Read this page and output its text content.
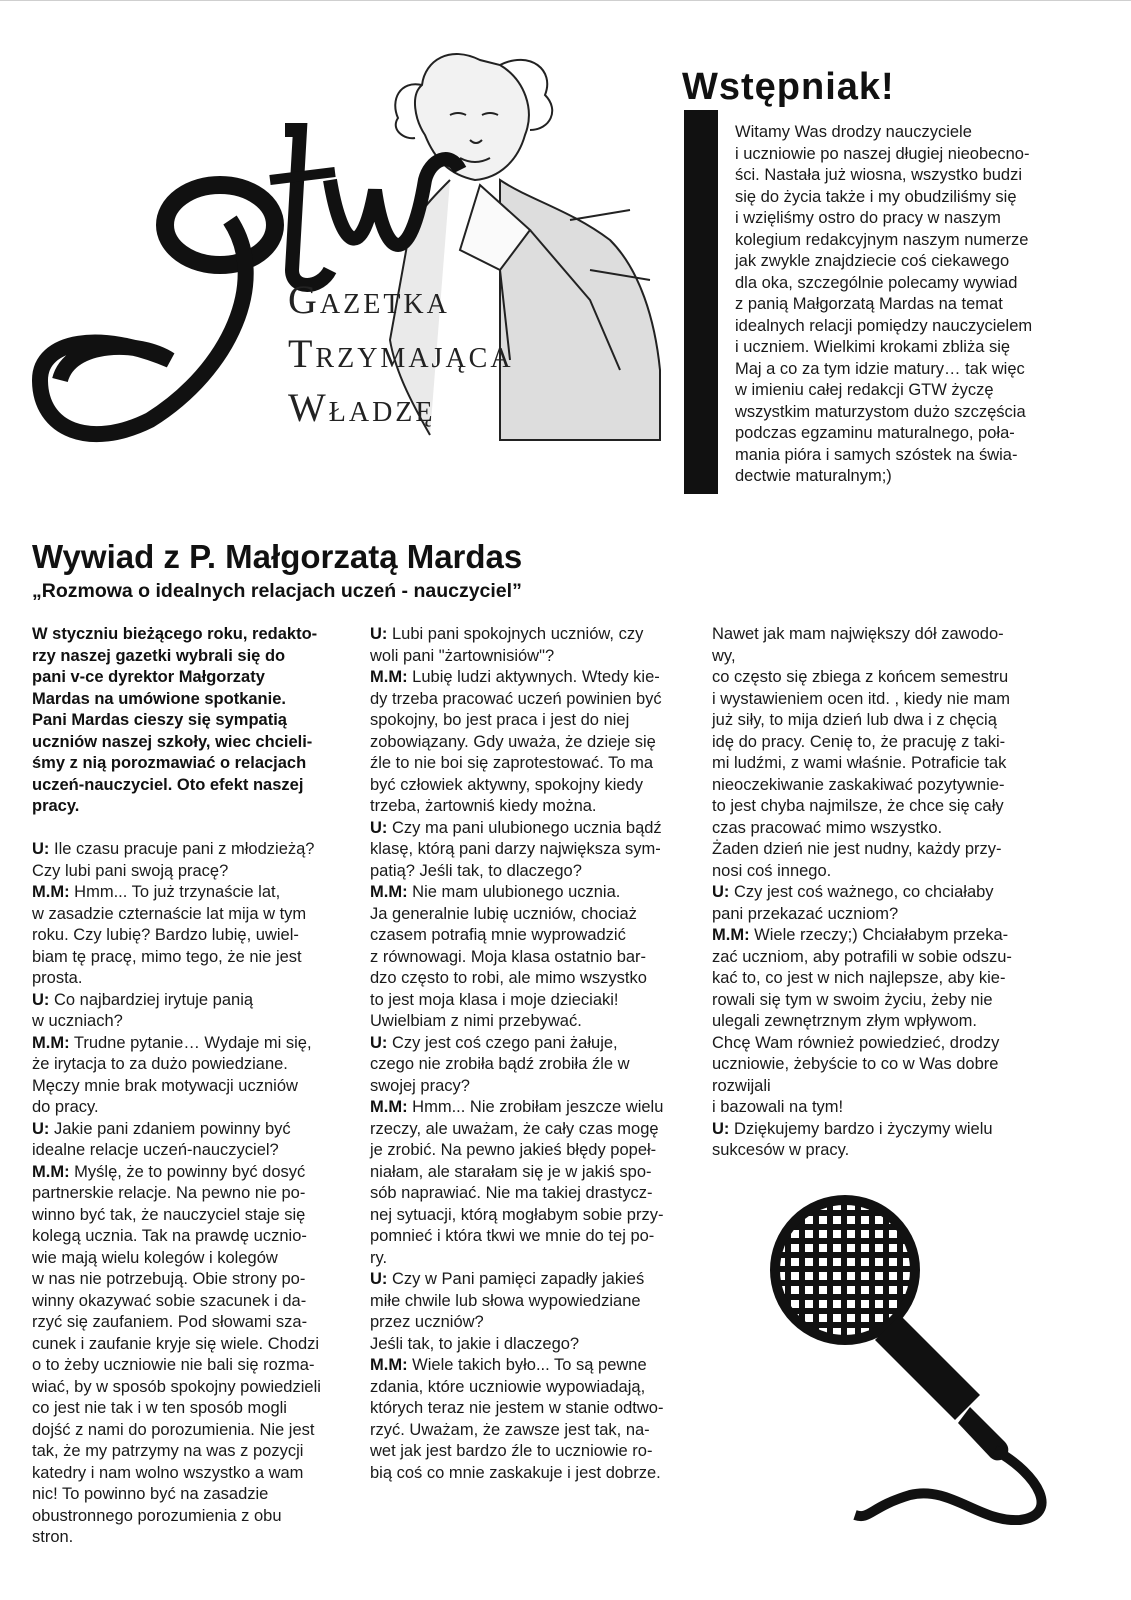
Gazetka
Trzymająca
Władzę
Wstępniak!
Witamy Was drodzy nauczyciele
i uczniowie po naszej długiej nieobecno-
ści. Nastała już wiosna, wszystko budzi
się do życia także i my obudziliśmy się
i wzięliśmy ostro do pracy w naszym
kolegium redakcyjnym naszym numerze
jak zwykle znajdziecie coś ciekawego
dla oka, szczególnie polecamy wywiad
z panią Małgorzatą Mardas na temat
idealnych relacji pomiędzy nauczycielem
i uczniem. Wielkimi krokami zbliża się
Maj a co za tym idzie matury… tak więc
w imieniu całej redakcji GTW życzę
wszystkim maturzystom dużo szczęścia
podczas egzaminu maturalnego, poła-
mania pióra i samych szóstek na świa-
dectwie maturalnym;)
Wywiad z P. Małgorzatą Mardas
„Rozmowa o idealnych relacjach uczeń - nauczyciel”
W styczniu bieżącego roku, redakto-
rzy naszej gazetki wybrali się do
pani v-ce dyrektor Małgorzaty
Mardas na umówione spotkanie.
Pani Mardas cieszy się sympatią
uczniów naszej szkoły, wiec chcieli-
śmy z nią porozmawiać o relacjach
uczeń-nauczyciel. Oto efekt naszej
pracy.
U: Ile czasu pracuje pani z młodzieżą?
Czy lubi pani swoją pracę?
M.M: Hmm... To już trzynaście lat,
w zasadzie czternaście lat mija w tym
roku. Czy lubię? Bardzo lubię, uwiel-
biam tę pracę, mimo tego, że nie jest
prosta.
U: Co najbardziej irytuje panią
w uczniach?
M.M: Trudne pytanie… Wydaje mi się,
że irytacja to za dużo powiedziane.
Męczy mnie brak motywacji uczniów
do pracy.
U: Jakie pani zdaniem powinny być
idealne relacje uczeń-nauczyciel?
M.M: Myślę, że to powinny być dosyć
partnerskie relacje. Na pewno nie po-
winno być tak, że nauczyciel staje się
kolegą ucznia. Tak na prawdę ucznio-
wie mają wielu kolegów i kolegów
w nas nie potrzebują. Obie strony po-
winny okazywać sobie szacunek i da-
rzyć się zaufaniem. Pod słowami sza-
cunek i zaufanie kryje się wiele. Chodzi
o to żeby uczniowie nie bali się rozma-
wiać, by w sposób spokojny powiedzieli
co jest nie tak i w ten sposób mogli
dojść z nami do porozumienia. Nie jest
tak, że my patrzymy na was z pozycji
katedry i nam wolno wszystko a wam
nic! To powinno być na zasadzie
obustronnego porozumienia z obu
stron.
U: Lubi pani spokojnych uczniów, czy
woli pani "żartownisiów"?
M.M: Lubię ludzi aktywnych. Wtedy kie-
dy trzeba pracować uczeń powinien być
spokojny, bo jest praca i jest do niej
zobowiązany. Gdy uważa, że dzieje się
źle to nie boi się zaprotestować. To ma
być człowiek aktywny, spokojny kiedy
trzeba, żartowniś kiedy można.
U: Czy ma pani ulubionego ucznia bądź
klasę, którą pani darzy największa sym-
patią? Jeśli tak, to dlaczego?
M.M: Nie mam ulubionego ucznia.
Ja generalnie lubię uczniów, chociaż
czasem potrafią mnie wyprowadzić
z równowagi. Moja klasa ostatnio bar-
dzo często to robi, ale mimo wszystko
to jest moja klasa i moje dzieciaki!
Uwielbiam z nimi przebywać.
U: Czy jest coś czego pani żałuje,
czego nie zrobiła bądź zrobiła źle w
swojej pracy?
M.M: Hmm... Nie zrobiłam jeszcze wielu
rzeczy, ale uważam, że cały czas mogę
je zrobić. Na pewno jakieś błędy popeł-
niałam, ale starałam się je w jakiś spo-
sób naprawiać. Nie ma takiej drastycz-
nej sytuacji, którą mogłabym sobie przy-
pomnieć i która tkwi we mnie do tej po-
ry.
U: Czy w Pani pamięci zapadły jakieś
miłe chwile lub słowa wypowiedziane
przez uczniów?
Jeśli tak, to jakie i dlaczego?
M.M: Wiele takich było... To są pewne
zdania, które uczniowie wypowiadają,
których teraz nie jestem w stanie odtwo-
rzyć. Uważam, że zawsze jest tak, na-
wet jak jest bardzo źle to uczniowie ro-
bią coś co mnie zaskakuje i jest dobrze.
Nawet jak mam największy dół zawodo-
wy,
co często się zbiega z końcem semestru
i wystawieniem ocen itd. , kiedy nie mam
już siły, to mija dzień lub dwa i z chęcią
idę do pracy. Cenię to, że pracuję z taki-
mi ludźmi, z wami właśnie. Potraficie tak
nieoczekiwanie zaskakiwać pozytywnie-
to jest chyba najmilsze, że chce się cały
czas pracować mimo wszystko.
Żaden dzień nie jest nudny, każdy przy-
nosi coś innego.
U: Czy jest coś ważnego, co chciałaby
pani przekazać uczniom?
M.M: Wiele rzeczy;) Chciałabym przeka-
zać uczniom, aby potrafili w sobie odszu-
kać to, co jest w nich najlepsze, aby kie-
rowali się tym w swoim życiu, żeby nie
ulegali zewnętrznym złym wpływom.
Chcę Wam również powiedzieć, drodzy
uczniowie, żebyście to co w Was dobre
rozwijali
i bazowali na tym!
U: Dziękujemy bardzo i życzymy wielu
sukcesów w pracy.
